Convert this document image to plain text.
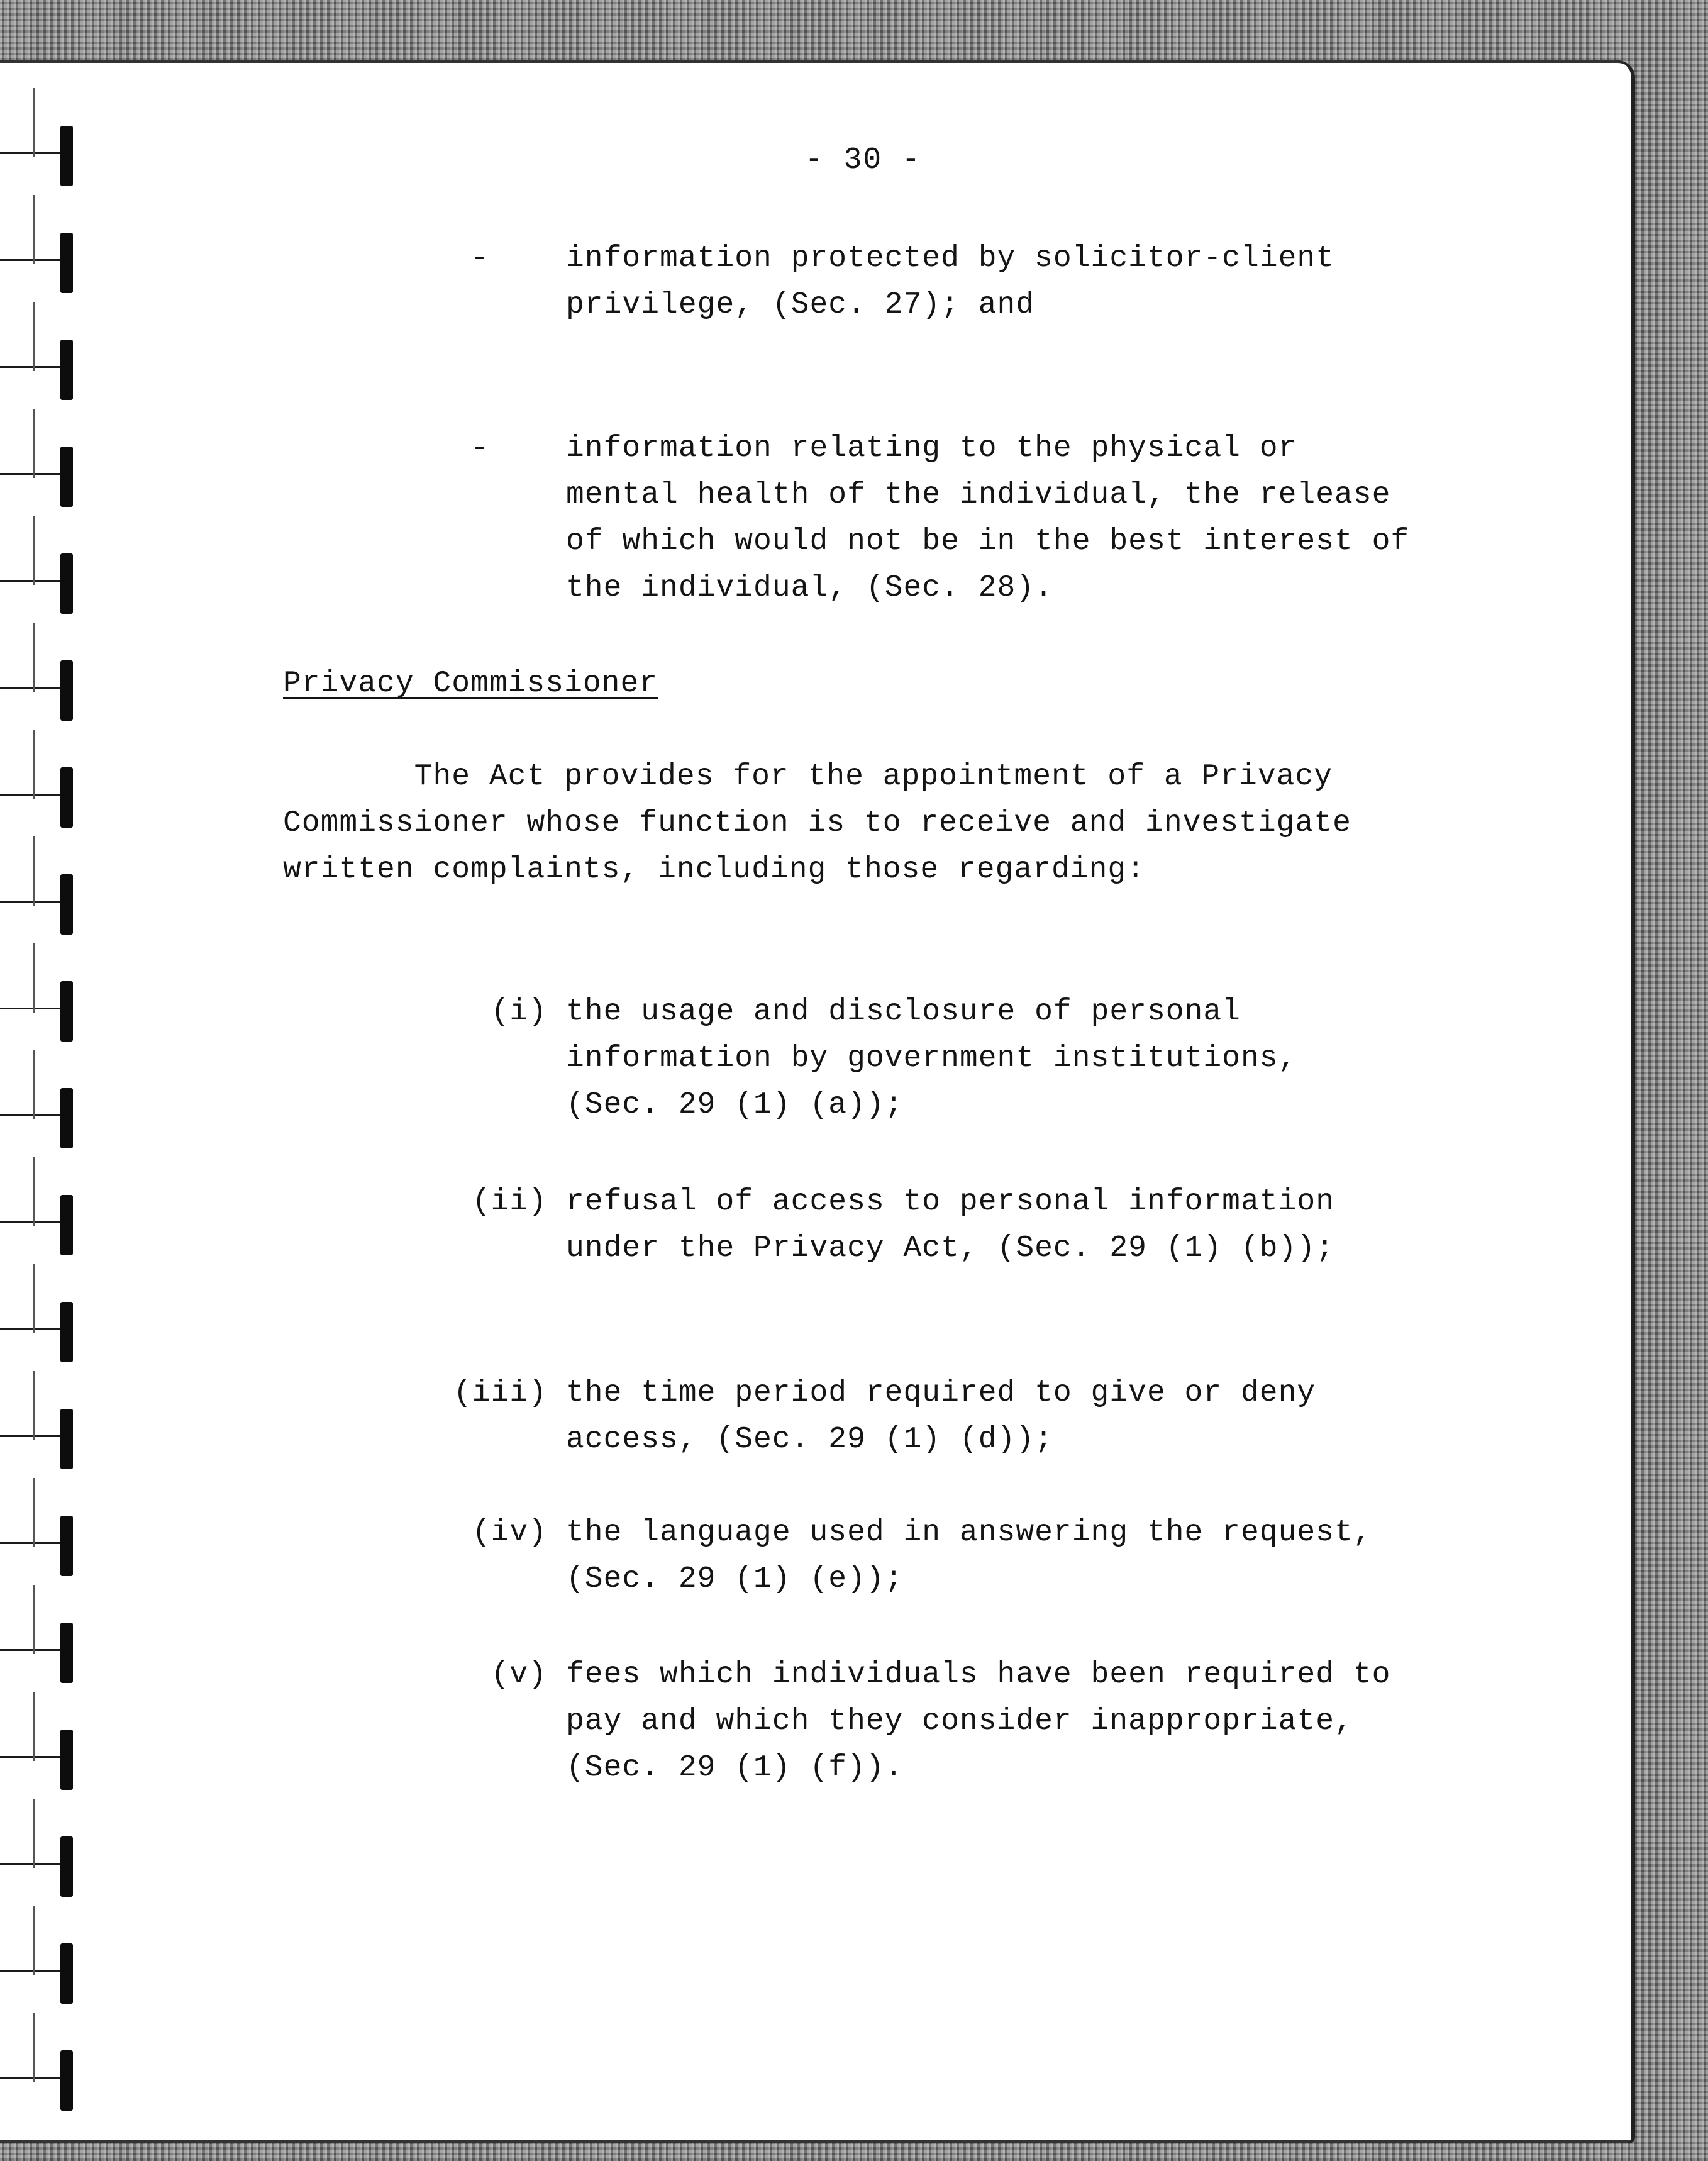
- 30 -
-	information protected by solicitor-client
privilege, (Sec. 27); and
-	information relating to the physical or
mental health of the individual, the release
of which would not be in the best interest of
the individual, (Sec. 28).
Privacy Commissioner
The Act provides for the appointment of a Privacy
Commissioner whose function is to receive and investigate
written complaints, including those regarding:
(i) the usage and disclosure of personal
information by government institutions,
(Sec. 29 (1) (a));
(ii) refusal of access to personal information
under the Privacy Act, (Sec. 29 (1) (b));
(iii) the time period required to give or deny
access, (Sec. 29 (1) (d));
(iv) the language used in answering the request,
(Sec. 29 (1) (e));
(v) fees which individuals have been required to
pay and which they consider inappropriate,
(Sec. 29 (1) (f)).
